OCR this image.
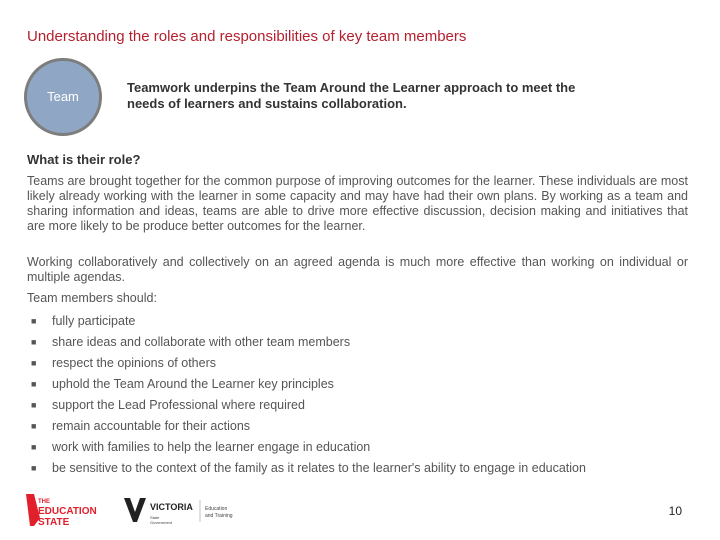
Understanding the roles and responsibilities of key team members
Team
Teamwork underpins the Team Around the Learner approach to meet the needs of learners and sustains collaboration.
What is their role?
Teams are brought together for the common purpose of improving outcomes for the learner. These individuals are most likely already working with the learner in some capacity and may have had their own plans. By working as a team and sharing information and ideas, teams are able to drive more effective discussion, decision making and initiatives that are more likely to be produce better outcomes for the learner.
Working collaboratively and collectively on an agreed agenda is much more effective than working on individual or multiple agendas.
Team members should:
■ fully participate
■ share ideas and collaborate with other team members
■ respect the opinions of others
■ uphold the Team Around the Learner key principles
■ support the Lead Professional where required
■ remain accountable for their actions
■ work with families to help the learner engage in education
■ be sensitive to the context of the family as it relates to the learner's ability to engage in education
THE
EDUCATION
STATE
VICTORIA
State
Government
Education
and Training	10
